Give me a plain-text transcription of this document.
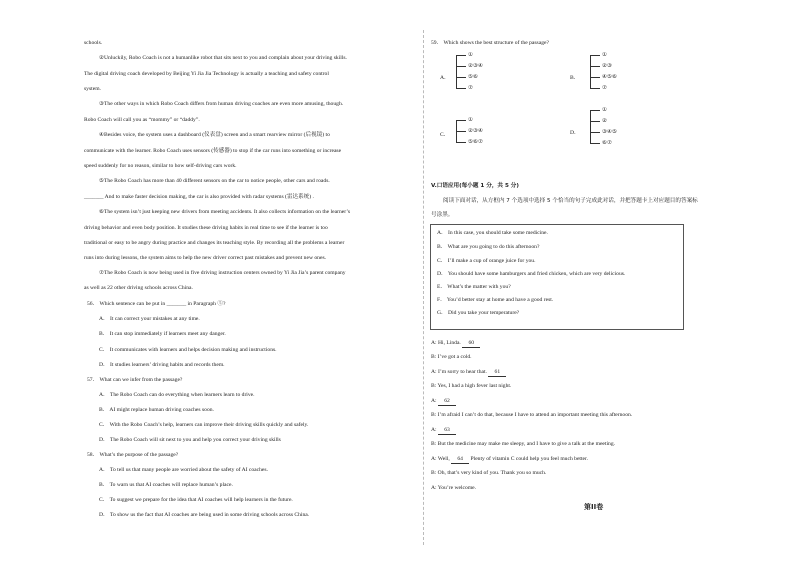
schools.
②Unluckily, Robo Coach is not a humanlike robot that sits next to you and complain about your driving skills.
The digital driving coach developed by Beijing Yi Jia Jia Technology is actually a teaching and safety control
system.
③The other ways in which Robo Coach differs from human driving coaches are even more amusing, though.
Robo Coach will call you as “mommy” or “daddy”.
④Besides voice, the system uses a dashboard (仪表盘) screen and a smart rearview mirror (后视镜) to
communicate with the learner. Robo Coach uses sensors (传感器) to stop if the car runs into something or increase
speed suddenly for no reason, similar to how self-driving cars work.
⑤The Robo Coach has more than 40 different sensors on the car to notice people, other cars and roads.
_______ And to make faster decision making, the car is also provided with radar systems (雷达系统) .
⑥The system isn’t just keeping new drivers from meeting accidents. It also collects information on the learner’s
driving behavior and even body position. It studies these driving habits in real time to see if the learner is too
traditional or easy to be angry during practice and changes its teaching style. By recording all the problems a learner
runs into during lessons, the system aims to help the new driver correct past mistakes and prevent new ones.
⑦The Robo Coach is now being used in five driving instruction centers owned by Yi Jia Jia’s parent company
as well as 22 other driving schools across China.
56． Which sentence can be put in _______ in Paragraph ⑤?
A． It can correct your mistakes at any time.
B． It can stop immediately if learners meet any danger.
C． It communicates with learners and helps decision making and instructions.
D． It studies learners’ driving habits and records them.
57． What can we infer from the passage?
A． The Robo Coach can do everything when learners learn to drive.
B． AI might replace human driving coaches soon.
C． With the Robo Coach’s help, learners can improve their driving skills quickly and safely.
D． The Robo Coach will sit next to you and help you correct your driving skills
58． What’s the purpose of the passage?
A． To tell us that many people are worried about the safety of AI coaches.
B． To warn us that AI coaches will replace human’s place.
C． To suggest we prepare for the idea that AI coaches will help learners in the future.
D． To show us the fact that AI coaches are being used in some driving schools across China.
59． Which shows the best structure of the passage?
A．
①
②③④
⑤⑥
⑦
B．
①
②③
④⑤⑥
⑦
C．
①
②③④
⑤⑥⑦
D．
①
②
③④⑤
⑥⑦
V.口语应用(每小题 1 分，共 5 分)
阅读下面对话，从方框内 7 个选项中选择 5 个恰当的句子完成此对话，并把答题卡上对应题目的答案标
号涂黑。
A． In this case, you should take some medicine.
B． What are you going to do this afternoon?
C． I’ll make a cup of orange juice for you.
D． You should have some hamburgers and fried chicken, which are very delicious.
E． What’s the matter with you?
F． You’d better stay at home and have a good rest.
G． Did you take your temperature?
A: Hi, Linda. 60
B: I’ve got a cold.
A: I’m sorry to hear that. 61
B: Yes, I had a high fever last night.
A: 62
B: I’m afraid I can’t do that, because I have to attend an important meeting this afternoon.
A: 63
B: But the medicine may make me sleepy, and I have to give a talk at the meeting.
A: Well, 64 Plenty of vitamin C could help you feel much better.
B: Oh, that’s very kind of you. Thank you so much.
A: You’re welcome.
第II卷
